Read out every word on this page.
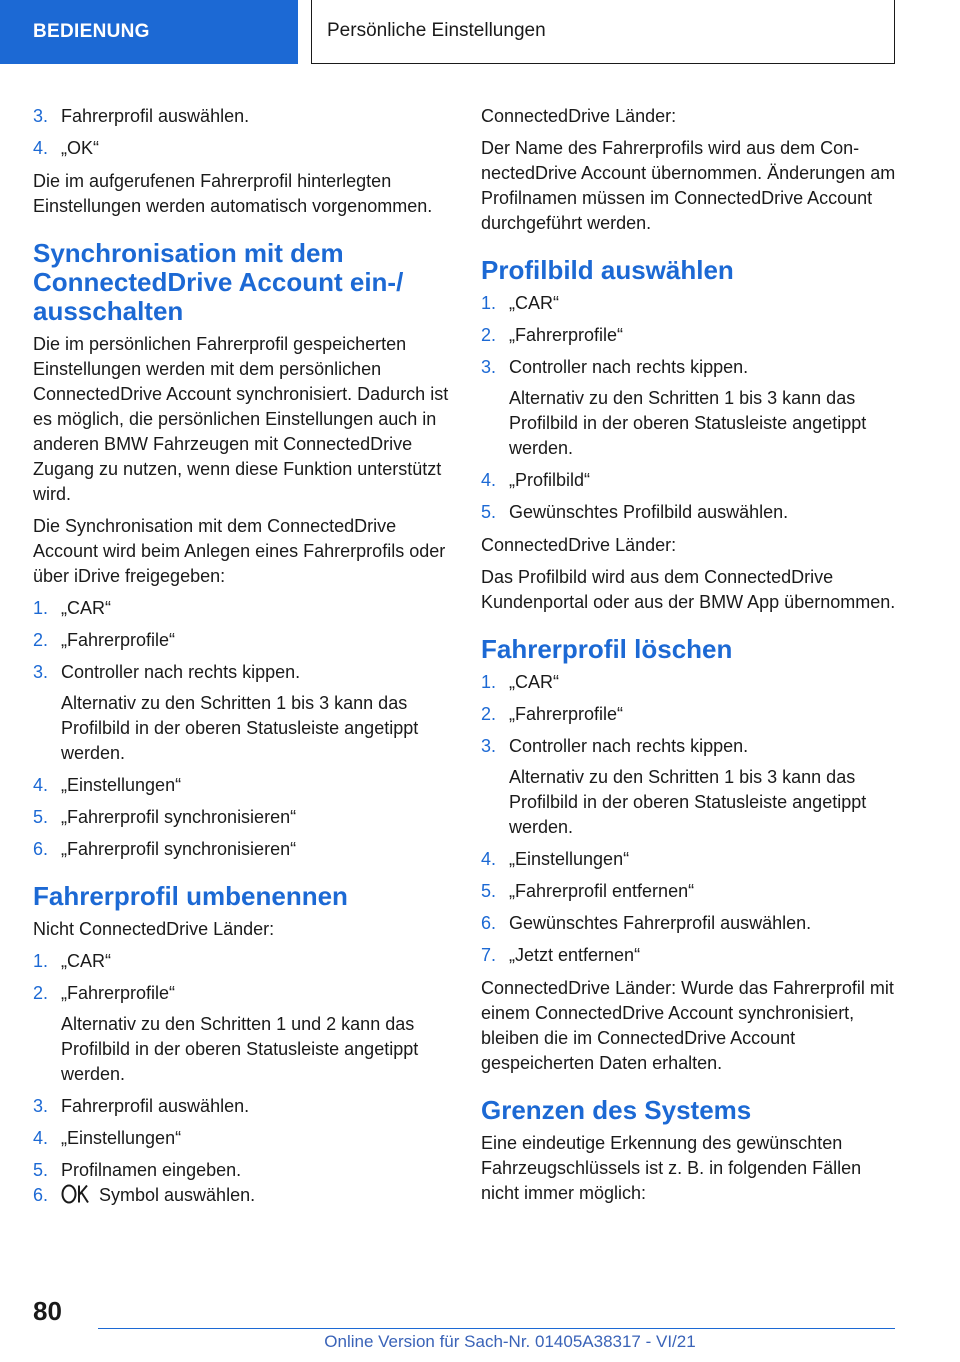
BEDIENUNG	Persönliche Einstellungen
3. Fahrerprofil auswählen.
4. „OK“

Die im aufgerufenen Fahrerprofil hinterlegten Einstellungen werden automatisch vorgenommen.

Synchronisation mit dem ConnectedDrive Account ein-/ ausschalten

Die im persönlichen Fahrerprofil gespeicherten Einstellungen werden mit dem persönlichen ConnectedDrive Account synchronisiert. Dadurch ist es möglich, die persönlichen Einstellungen auch in anderen BMW Fahrzeugen mit ConnectedDrive Zugang zu nutzen, wenn diese Funktion unterstützt wird.

Die Synchronisation mit dem ConnectedDrive Account wird beim Anlegen eines Fahrerprofils oder über iDrive freigegeben:

1. „CAR“
2. „Fahrerprofile“
3. Controller nach rechts kippen.
Alternativ zu den Schritten 1 bis 3 kann das Profilbild in der oberen Statusleiste angetippt werden.
4. „Einstellungen“
5. „Fahrerprofil synchronisieren“
6. „Fahrerprofil synchronisieren“
Fahrerprofil umbenennen

Nicht ConnectedDrive Länder:

1. „CAR“
2. „Fahrerprofile“
Alternativ zu den Schritten 1 und 2 kann das Profilbild in der oberen Statusleiste angetippt werden.
3. Fahrerprofil auswählen.
4. „Einstellungen“
5. Profilnamen eingeben.
6.	Symbol auswählen.

ConnectedDrive Länder:

Der Name des Fahrerprofils wird aus dem ConnectedDrive Account übernommen. Änderungen am Profilnamen müssen im ConnectedDrive Account durchgeführt werden.

Profilbild auswählen
1. „CAR“
2. „Fahrerprofile“
3. Controller nach rechts kippen.
Alternativ zu den Schritten 1 bis 3 kann das Profilbild in der oberen Statusleiste angetippt werden.
4. „Profilbild“
5. Gewünschtes Profilbild auswählen.

ConnectedDrive Länder:

Das Profilbild wird aus dem ConnectedDrive Kundenportal oder aus der BMW App übernommen.

Fahrerprofil löschen
1. „CAR“
2. „Fahrerprofile“
3. Controller nach rechts kippen.
Alternativ zu den Schritten 1 bis 3 kann das Profilbild in der oberen Statusleiste angetippt werden.
4. „Einstellungen“
5. „Fahrerprofil entfernen“
6. Gewünschtes Fahrerprofil auswählen.
7. „Jetzt entfernen“

ConnectedDrive Länder: Wurde das Fahrerprofil mit einem ConnectedDrive Account synchronisiert, bleiben die im ConnectedDrive Account gespeicherten Daten erhalten.

Grenzen des Systems

Eine eindeutige Erkennung des gewünschten Fahrzeugschlüssels ist z. B. in folgenden Fällen nicht immer möglich:

80
Online Version für Sach-Nr. 01405A38317 - VI/21
